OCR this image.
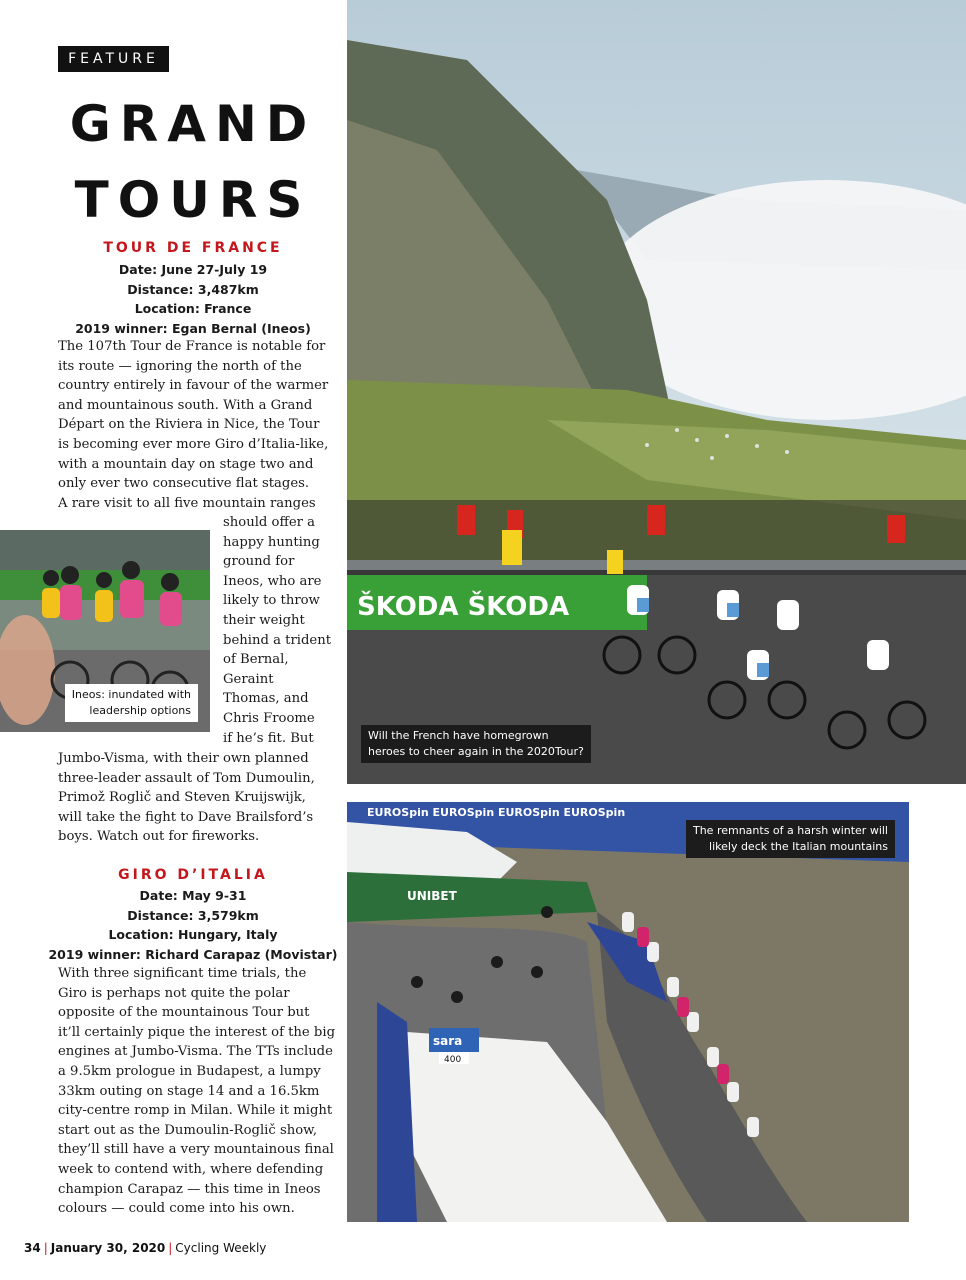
FEATURE
GRAND
TOURS
TOUR DE FRANCE
Date: June 27-July 19
Distance: 3,487km
Location: France
2019 winner: Egan Bernal (Ineos)
The 107th Tour de France is notable for
its route — ignoring the north of the
country entirely in favour of the warmer
and mountainous south. With a Grand
Départ on the Riviera in Nice, the Tour
is becoming ever more Giro d’Italia-like,
with a mountain day on stage two and
only ever two consecutive flat stages.
A rare visit to all five mountain ranges
should offer a
happy hunting
ground for
Ineos, who are
likely to throw
their weight
behind a trident
of Bernal,
Geraint
Thomas, and
Chris Froome
if he’s fit. But
Jumbo-Visma, with their own planned
three-leader assault of Tom Dumoulin,
Primož Roglič and Steven Kruijswijk,
will take the fight to Dave Brailsford’s
boys. Watch out for fireworks.
GIRO D’ITALIA
Date: May 9-31
Distance: 3,579km
Location: Hungary, Italy
2019 winner: Richard Carapaz (Movistar)
With three significant time trials, the
Giro is perhaps not quite the polar
opposite of the mountainous Tour but
it’ll certainly pique the interest of the big
engines at Jumbo-Visma. The TTs include
a 9.5km prologue in Budapest, a lumpy
33km outing on stage 14 and a 16.5km
city-centre romp in Milan. While it might
start out as the Dumoulin-Roglič show,
they’ll still have a very mountainous final
week to contend with, where defending
champion Carapaz — this time in Ineos
colours — could come into his own.
Ineos: inundated with
leadership options
ŠKODA ŠKODA
Will the French have homegrown
heroes to cheer again in the 2020Tour?
EUROSpin EUROSpin EUROSpin EUROSpin
UNIBET
sara
400
The remnants of a harsh winter will
likely deck the Italian mountains
34 | January 30, 2020 | Cycling Weekly
